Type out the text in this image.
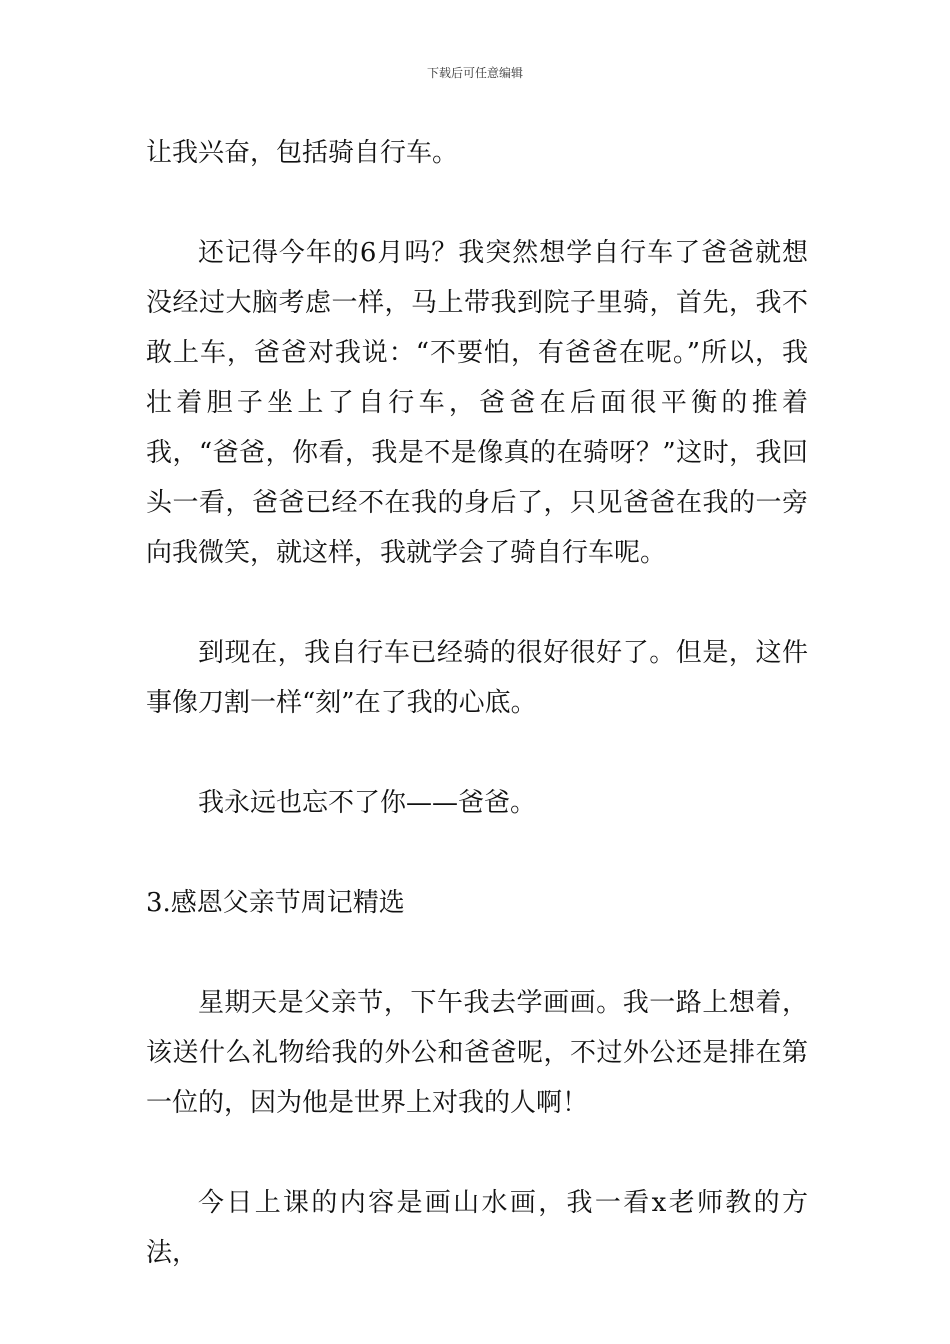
下载后可任意编辑

让我兴奋，包括骑自行车。

还记得今年的6月吗？我突然想学自行车了爸爸就想没经过大脑考虑一样，马上带我到院子里骑，首先，我不敢上车，爸爸对我说：“不要怕，有爸爸在呢。”所以，我壮着胆子坐上了自行车，爸爸在后面很平衡的推着我，“爸爸，你看，我是不是像真的在骑呀？”这时，我回头一看，爸爸已经不在我的身后了，只见爸爸在我的一旁向我微笑，就这样，我就学会了骑自行车呢。

到现在，我自行车已经骑的很好很好了。但是，这件事像刀割一样“刻”在了我的心底。

我永远也忘不了你——爸爸。

3.感恩父亲节周记精选

星期天是父亲节，下午我去学画画。我一路上想着，该送什么礼物给我的外公和爸爸呢，不过外公还是排在第一位的，因为他是世界上对我的人啊！

今日上课的内容是画山水画，我一看x老师教的方法，
